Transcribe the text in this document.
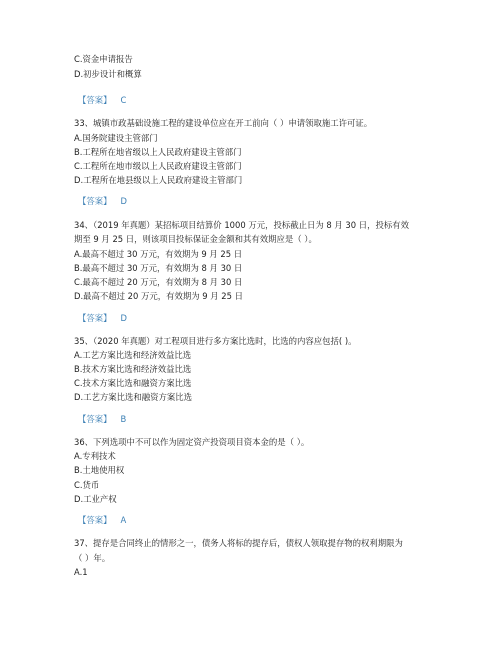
C.资金申请报告
D.初步设计和概算
【答案】 C
33、城镇市政基础设施工程的建设单位应在开工前向（ ）申请领取施工许可证。
A.国务院建设主管部门
B.工程所在地省级以上人民政府建设主管部门
C.工程所在地市级以上人民政府建设主管部门
D.工程所在地县级以上人民政府建设主管部门
【答案】 D
34、（2019 年真题）某招标项目结算价 1000 万元，投标截止日为 8 月 30 日，投标有效
期至 9 月 25 日，则该项目投标保证金金额和其有效期应是（ ）。
A.最高不超过 30 万元，有效期为 9 月 25 日
B.最高不超过 30 万元，有效期为 8 月 30 日
C.最高不超过 20 万元，有效期为 8 月 30 日
D.最高不超过 20 万元，有效期为 9 月 25 日
【答案】 D
35、（2020 年真题）对工程项目进行多方案比选时，比选的内容应包括( )。
A.工艺方案比选和经济效益比选
B.技术方案比选和经济效益比选
C.技术方案比选和融资方案比选
D.工艺方案比选和融资方案比选
【答案】 B
36、下列选项中不可以作为固定资产投资项目资本金的是（ ）。
A.专利技术
B.土地使用权
C.货币
D.工业产权
【答案】 A
37、提存是合同终止的情形之一，债务人将标的提存后，债权人领取提存物的权利期限为
（ ）年。
A.1
